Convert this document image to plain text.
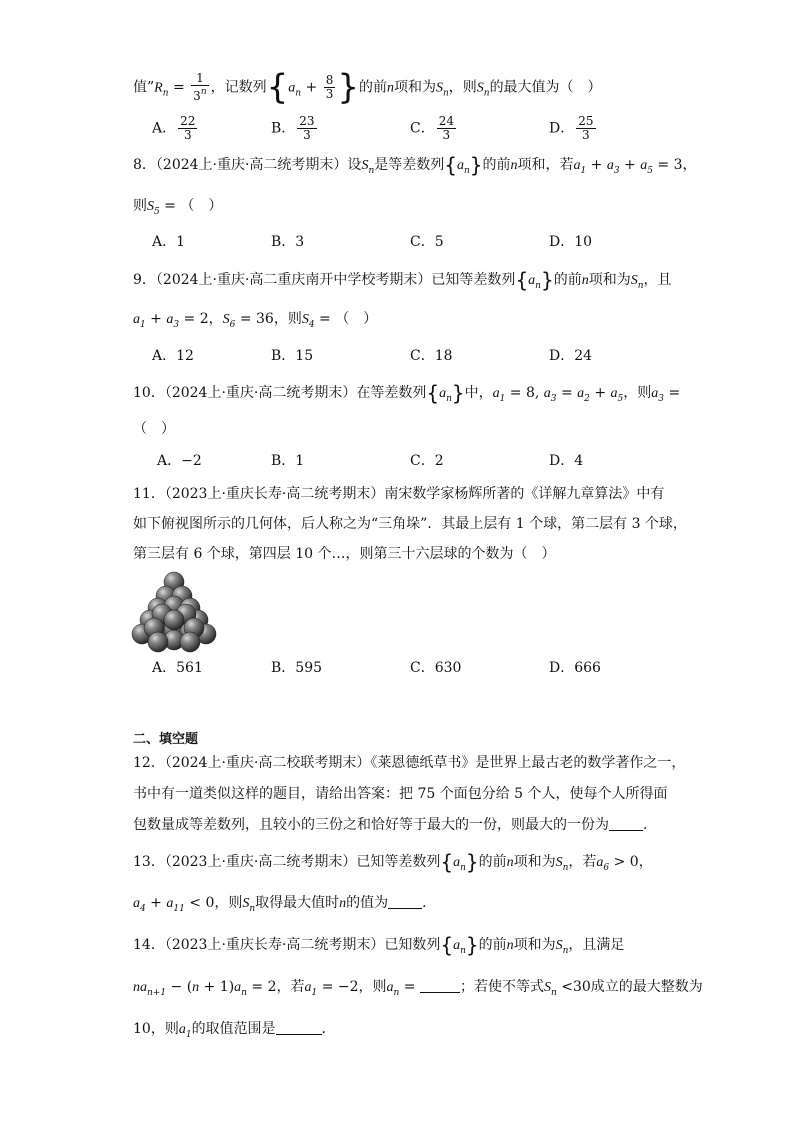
值$”R_n = \frac{1}{3^n}$ ，记数列{$a_n + \frac{8}{3}$ }的前n项和为$S_n$，则$S_n$的最大值为（　）
A． $\frac{22}{3}$	B． $\frac{23}{3}$	C． $\frac{24}{3}$	D． $\frac{25}{3}$
8．（2024上·重庆·高二统考期末）设$S_n$是等差数列$\{a_n\}$的前n项和，若$a_1 + a_3 + a_5 = 3$，
则$S_5$ = （　）
A．1	B．3	C．5	D．10
9．（2024上·重庆·高二重庆南开中学校考期末）已知等差数列$\{a_n\}$的前n项和为$S_n$，且
$a_1 + a_3 = 2$，$S_6 = 36$，则$S_4$ = （　）
A．12	B．15	C．18	D．24
10．（2024上·重庆·高二统考期末）在等差数列$\{a_n\}$中，$a_1 = 8$, $a_3 = a_2 + a_5$，则$a_3$ =
（　）
A．−2	B．1	C．2	D．4
11．（2023上·重庆长寿·高二统考期末）南宋数学家杨辉所著的《详解九章算法》中有
如下俯视图所示的几何体，后人称之为“三角垛”．其最上层有 1 个球，第二层有 3 个球，
第三层有 6 个球，第四层 10 个…，则第三十六层球的个数为（　）
A．561	B．595	C．630	D．666
二、填空题
12．（2024上·重庆·高二校联考期末）《莱恩德纸草书》是世界上最古老的数学著作之一，
书中有一道类似这样的题目，请给出答案：把 75 个面包分给 5 个人，使每个人所得面
包数量成等差数列，且较小的三份之和恰好等于最大的一份，则最大的一份为 ．
13．（2023上·重庆·高二统考期末）已知等差数列$\{a_n\}$的前n项和为$S_n$，若$a_6 > 0$，
$a_4 + a_{11} < 0$，则$S_n$取得最大值时n的值为 ．
14．（2023上·重庆长寿·高二统考期末）已知数列$\{a_n\}$的前n项和为$S_n$，且满足
$na_{n+1} - (n + 1)a_n = 2$，若$a_1 = -2$，则$a_n$ =	；若使不等式$S_n <30$成立的最大整数为
10，则$a_1$的取值范围是	．
